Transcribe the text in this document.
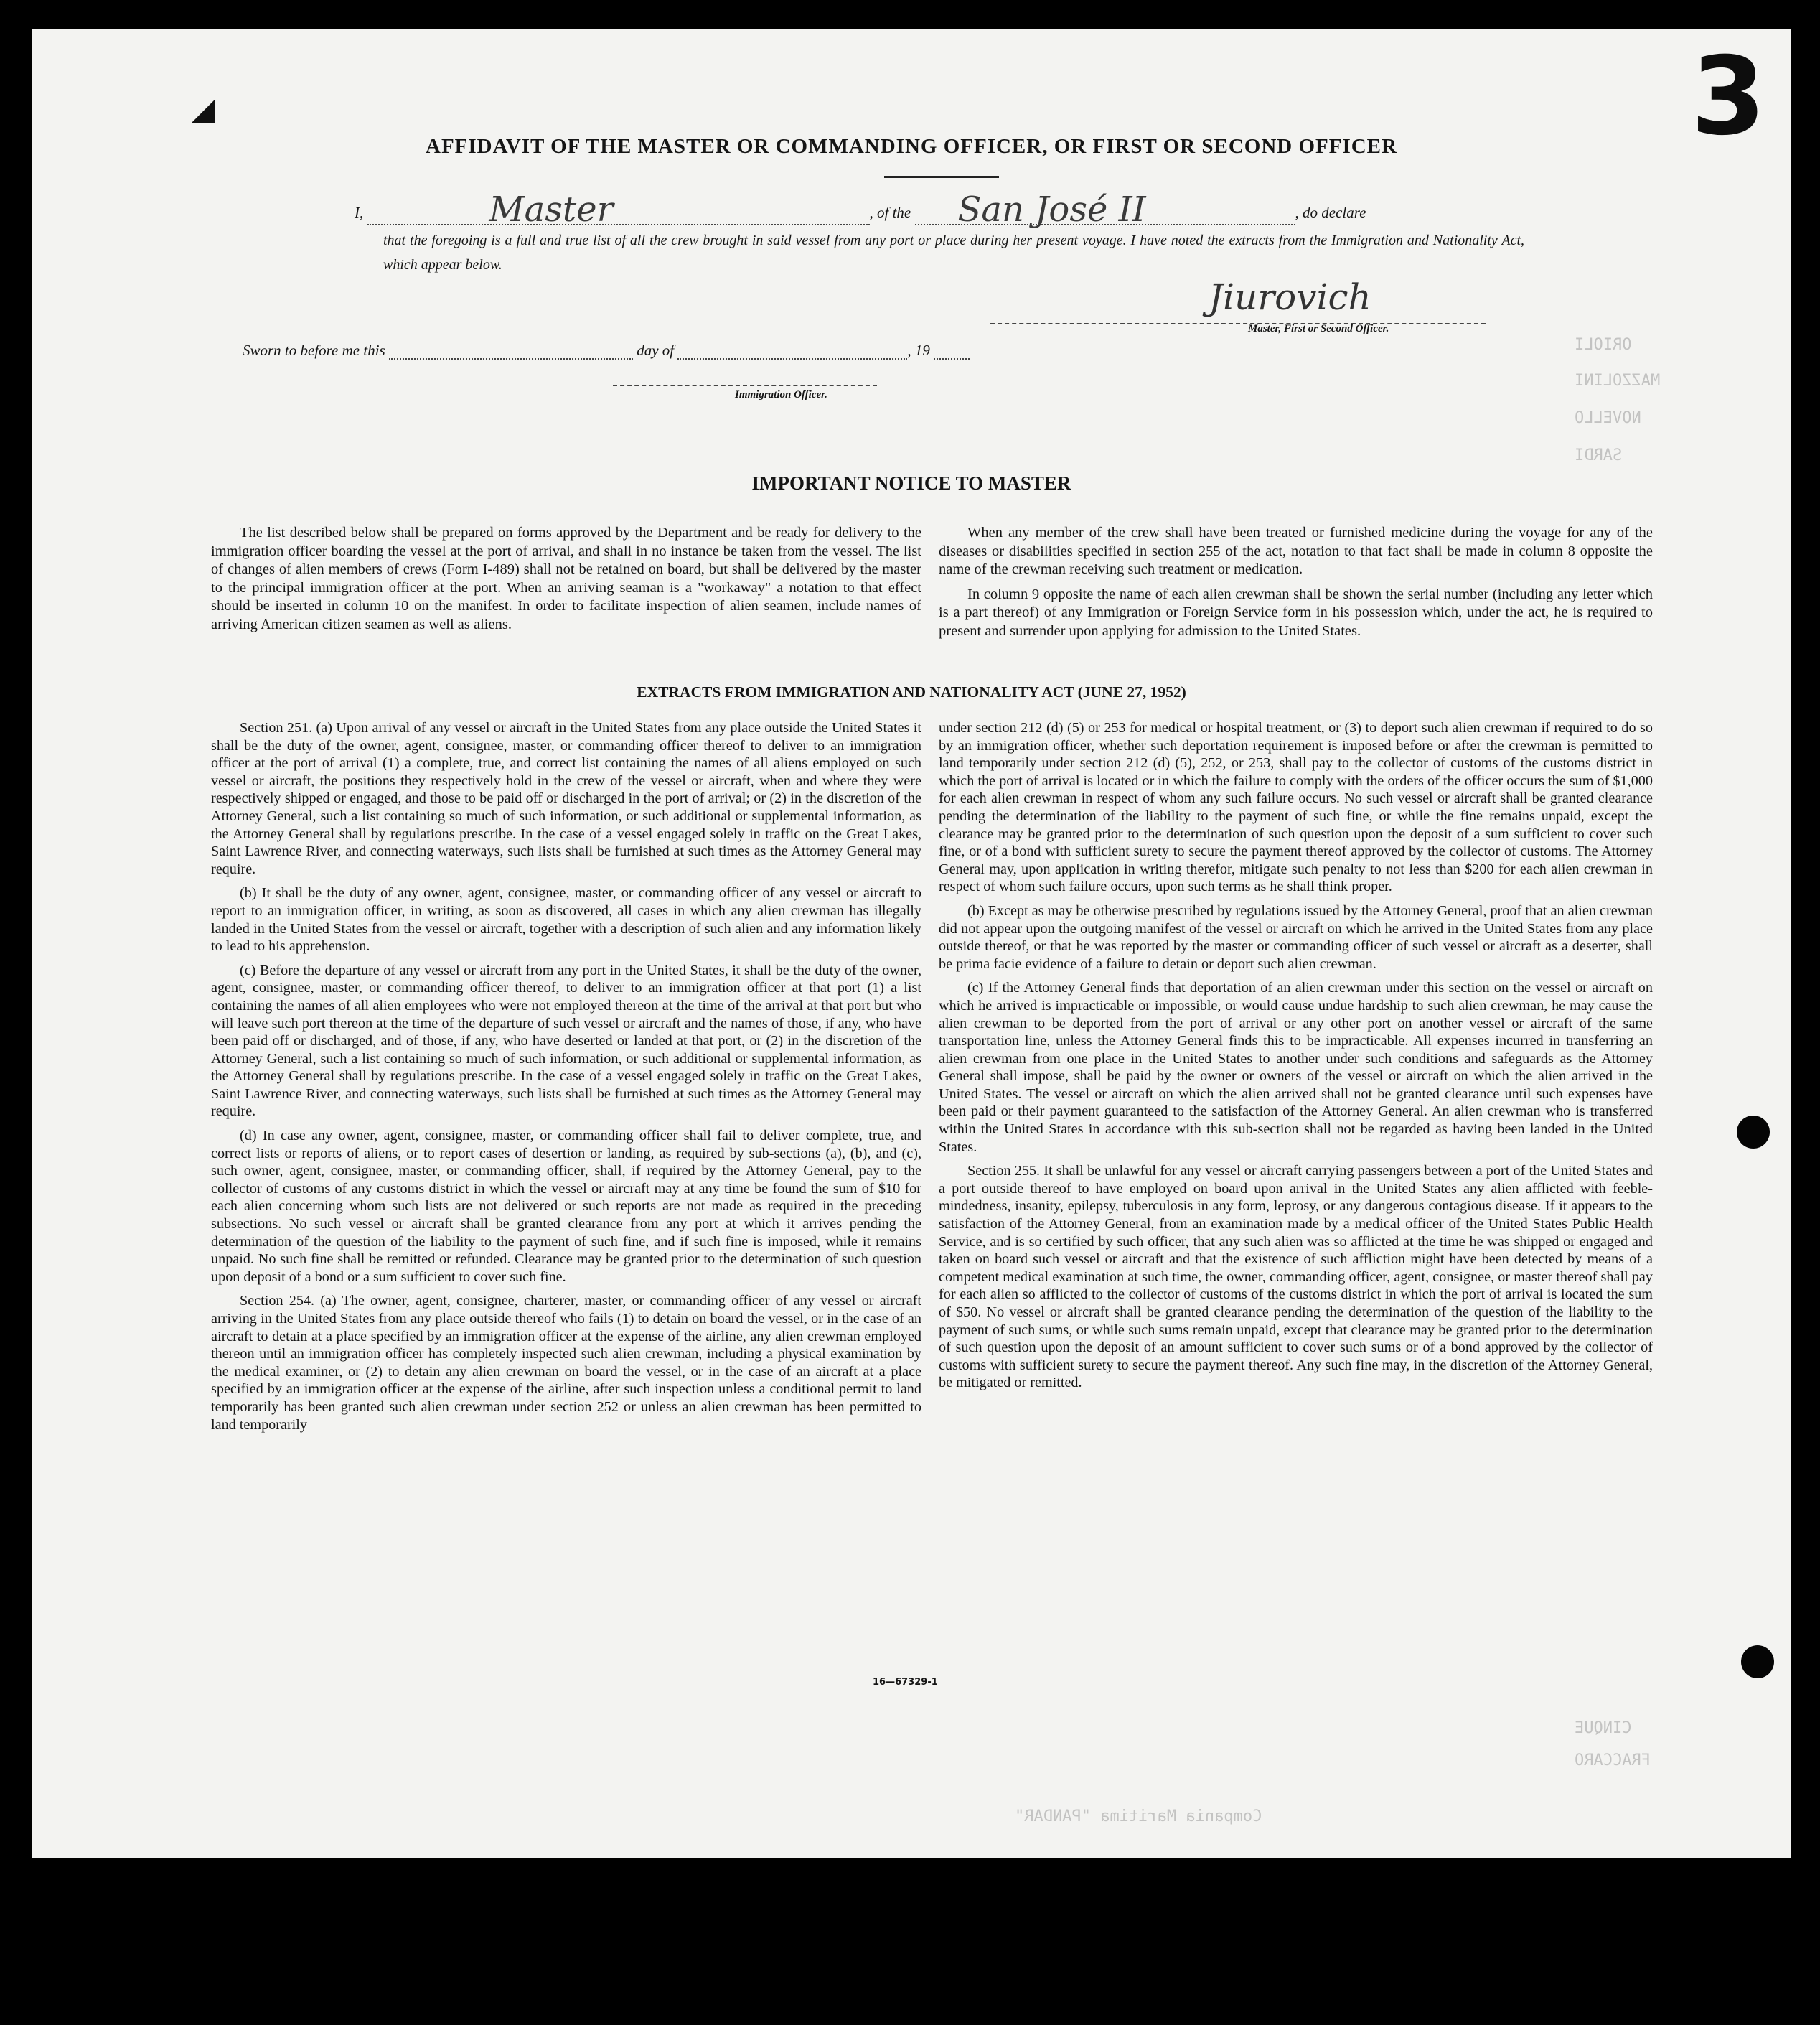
3
ORIOLI
MAZZOLINI
NOVELLO
SARDI
CINQUE
FRACCARO
Compania Maritima "PANDAR"
AFFIDAVIT OF THE MASTER OR COMMANDING OFFICER, OR FIRST OR SECOND OFFICER
I,	Master	, of the San José II	, do declare
that the foregoing is a full and true list of all the crew brought in said vessel from any port or place during her present voyage. I have noted the extracts from the Immigration and Nationality Act, which appear below.
Jiurovich
Master, First or Second Officer.
Sworn to before me this	day of	, 19
Immigration Officer.
IMPORTANT NOTICE TO MASTER

The list described below shall be prepared on forms approved by the Department and be ready for delivery to the immigration officer boarding the vessel at the port of arrival, and shall in no instance be taken from the vessel. The list of changes of alien members of crews (Form I-489) shall not be retained on board, but shall be delivered by the master to the principal immigration officer at the port. When an arriving seaman is a "workaway" a notation to that effect should be inserted in column 10 on the manifest. In order to facilitate inspection of alien seamen, include names of arriving American citizen seamen as well as aliens.

When any member of the crew shall have been treated or furnished medicine during the voyage for any of the diseases or disabilities specified in section 255 of the act, notation to that fact shall be made in column 8 opposite the name of the crewman receiving such treatment or medication.

In column 9 opposite the name of each alien crewman shall be shown the serial number (including any letter which is a part thereof) of any Immigration or Foreign Service form in his possession which, under the act, he is required to present and surrender upon applying for admission to the United States.

EXTRACTS FROM IMMIGRATION AND NATIONALITY ACT (JUNE 27, 1952)

Section 251. (a) Upon arrival of any vessel or aircraft in the United States from any place outside the United States it shall be the duty of the owner, agent, consignee, master, or commanding officer thereof to deliver to an immigration officer at the port of arrival (1) a complete, true, and correct list containing the names of all aliens employed on such vessel or aircraft, the positions they respectively hold in the crew of the vessel or aircraft, when and where they were respectively shipped or engaged, and those to be paid off or discharged in the port of arrival; or (2) in the discretion of the Attorney General, such a list containing so much of such information, or such additional or supplemental information, as the Attorney General shall by regulations prescribe. In the case of a vessel engaged solely in traffic on the Great Lakes, Saint Lawrence River, and connecting waterways, such lists shall be furnished at such times as the Attorney General may require.

(b) It shall be the duty of any owner, agent, consignee, master, or commanding officer of any vessel or aircraft to report to an immigration officer, in writing, as soon as discovered, all cases in which any alien crewman has illegally landed in the United States from the vessel or aircraft, together with a description of such alien and any information likely to lead to his apprehension.

(c) Before the departure of any vessel or aircraft from any port in the United States, it shall be the duty of the owner, agent, consignee, master, or commanding officer thereof, to deliver to an immigration officer at that port (1) a list containing the names of all alien employees who were not employed thereon at the time of the arrival at that port but who will leave such port thereon at the time of the departure of such vessel or aircraft and the names of those, if any, who have been paid off or discharged, and of those, if any, who have deserted or landed at that port, or (2) in the discretion of the Attorney General, such a list containing so much of such information, or such additional or supplemental information, as the Attorney General shall by regulations prescribe. In the case of a vessel engaged solely in traffic on the Great Lakes, Saint Lawrence River, and connecting waterways, such lists shall be furnished at such times as the Attorney General may require.

(d) In case any owner, agent, consignee, master, or commanding officer shall fail to deliver complete, true, and correct lists or reports of aliens, or to report cases of desertion or landing, as required by sub-sections (a), (b), and (c), such owner, agent, consignee, master, or commanding officer, shall, if required by the Attorney General, pay to the collector of customs of any customs district in which the vessel or aircraft may at any time be found the sum of $10 for each alien concerning whom such lists are not delivered or such reports are not made as required in the preceding subsections. No such vessel or aircraft shall be granted clearance from any port at which it arrives pending the determination of the question of the liability to the payment of such fine, and if such fine is imposed, while it remains unpaid. No such fine shall be remitted or refunded. Clearance may be granted prior to the determination of such question upon deposit of a bond or a sum sufficient to cover such fine.

Section 254. (a) The owner, agent, consignee, charterer, master, or commanding officer of any vessel or aircraft arriving in the United States from any place outside thereof who fails (1) to detain on board the vessel, or in the case of an aircraft to detain at a place specified by an immigration officer at the expense of the airline, any alien crewman employed thereon until an immigration officer has completely inspected such alien crewman, including a physical examination by the medical examiner, or (2) to detain any alien crewman on board the vessel, or in the case of an aircraft at a place specified by an immigration officer at the expense of the airline, after such inspection unless a conditional permit to land temporarily has been granted such alien crewman under section 252 or unless an alien crewman has been permitted to land temporarily

under section 212 (d) (5) or 253 for medical or hospital treatment, or (3) to deport such alien crewman if required to do so by an immigration officer, whether such deportation requirement is imposed before or after the crewman is permitted to land temporarily under section 212 (d) (5), 252, or 253, shall pay to the collector of customs of the customs district in which the port of arrival is located or in which the failure to comply with the orders of the officer occurs the sum of $1,000 for each alien crewman in respect of whom any such failure occurs. No such vessel or aircraft shall be granted clearance pending the determination of the liability to the payment of such fine, or while the fine remains unpaid, except the clearance may be granted prior to the determination of such question upon the deposit of a sum sufficient to cover such fine, or of a bond with sufficient surety to secure the payment thereof approved by the collector of customs. The Attorney General may, upon application in writing therefor, mitigate such penalty to not less than $200 for each alien crewman in respect of whom such failure occurs, upon such terms as he shall think proper.

(b) Except as may be otherwise prescribed by regulations issued by the Attorney General, proof that an alien crewman did not appear upon the outgoing manifest of the vessel or aircraft on which he arrived in the United States from any place outside thereof, or that he was reported by the master or commanding officer of such vessel or aircraft as a deserter, shall be prima facie evidence of a failure to detain or deport such alien crewman.

(c) If the Attorney General finds that deportation of an alien crewman under this section on the vessel or aircraft on which he arrived is impracticable or impossible, or would cause undue hardship to such alien crewman, he may cause the alien crewman to be deported from the port of arrival or any other port on another vessel or aircraft of the same transportation line, unless the Attorney General finds this to be impracticable. All expenses incurred in transferring an alien crewman from one place in the United States to another under such conditions and safeguards as the Attorney General shall impose, shall be paid by the owner or owners of the vessel or aircraft on which the alien arrived in the United States. The vessel or aircraft on which the alien arrived shall not be granted clearance until such expenses have been paid or their payment guaranteed to the satisfaction of the Attorney General. An alien crewman who is transferred within the United States in accordance with this sub-section shall not be regarded as having been landed in the United States.

Section 255. It shall be unlawful for any vessel or aircraft carrying passengers between a port of the United States and a port outside thereof to have employed on board upon arrival in the United States any alien afflicted with feeble-mindedness, insanity, epilepsy, tuberculosis in any form, leprosy, or any dangerous contagious disease. If it appears to the satisfaction of the Attorney General, from an examination made by a medical officer of the United States Public Health Service, and is so certified by such officer, that any such alien was so afflicted at the time he was shipped or engaged and taken on board such vessel or aircraft and that the existence of such affliction might have been detected by means of a competent medical examination at such time, the owner, commanding officer, agent, consignee, or master thereof shall pay for each alien so afflicted to the collector of customs of the customs district in which the port of arrival is located the sum of $50. No vessel or aircraft shall be granted clearance pending the determination of the question of the liability to the payment of such sums, or while such sums remain unpaid, except that clearance may be granted prior to the determination of such question upon the deposit of an amount sufficient to cover such sums or of a bond approved by the collector of customs with sufficient surety to secure the payment thereof. Any such fine may, in the discretion of the Attorney General, be mitigated or remitted.

16—67329-1
